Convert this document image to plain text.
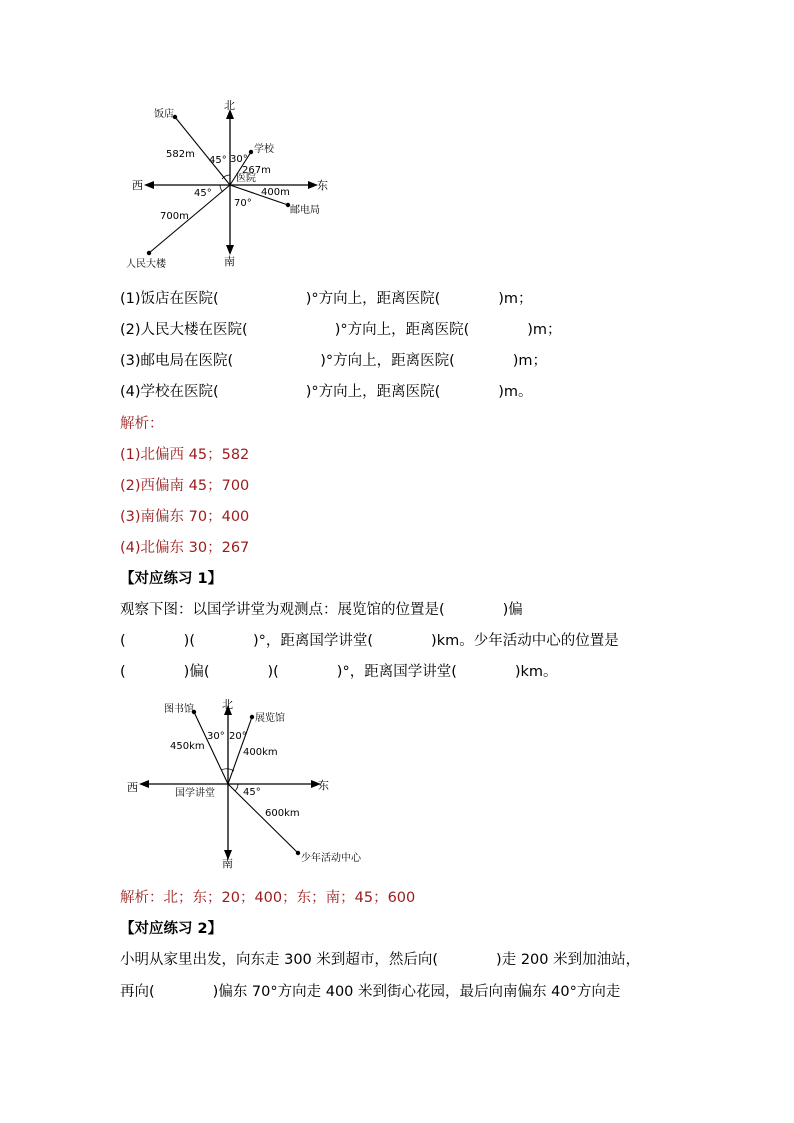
北
南
东
西
饭店
学校
医院
邮电局
人民大楼
582m
267m
400m
700m
45° 30°
45°
70°
(1)饭店在医院(　　　　　　)°方向上，距离医院(　　　　)m；
(2)人民大楼在医院(　　　　　　)°方向上，距离医院(　　　　)m；
(3)邮电局在医院(　　　　　　)°方向上，距离医院(　　　　)m；
(4)学校在医院(　　　　　　)°方向上，距离医院(　　　　)m。
解析：
(1)北偏西 45；582
(2)西偏南 45；700
(3)南偏东 70；400
(4)北偏东 30；267
【对应练习 1】
观察下图：以国学讲堂为观测点：展览馆的位置是(　　　　)偏
(　　　　)(　　　　)°，距离国学讲堂(　　　　)km。少年活动中心的位置是
(　　　　)偏(　　　　)(　　　　)°，距离国学讲堂(　　　　)km。
北
南
东
西
图书馆
展览馆
国学讲堂
少年活动中心
450km
400km
600km
30° 20°
45°
解析：北；东；20；400；东；南；45；600
【对应练习 2】
小明从家里出发，向东走 300 米到超市，然后向(　　　　)走 200 米到加油站，
再向(　　　　)偏东 70°方向走 400 米到街心花园，最后向南偏东 40°方向走
